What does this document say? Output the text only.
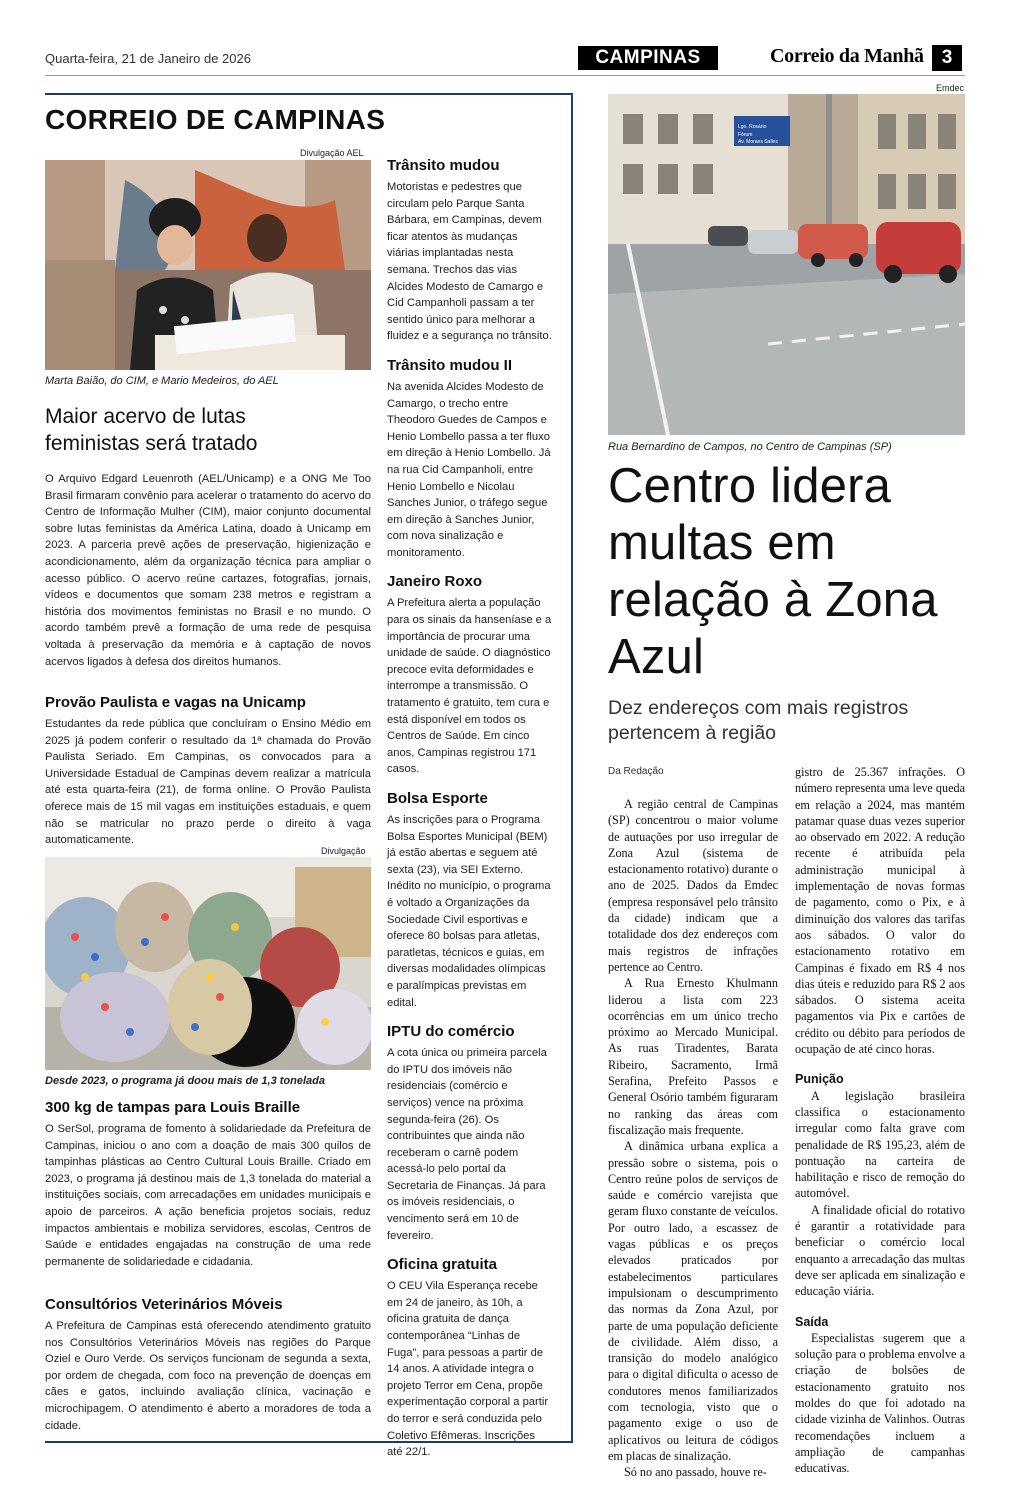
Quarta-feira, 21 de Janeiro de 2026	CAMPINAS	Correio da Manhã 3
CORREIO DE CAMPINAS
Divulgação AEL
Marta Baião, do CIM, e Mario Medeiros, do AEL
Maior acervo de lutas feministas será tratado

O Arquivo Edgard Leuenroth (AEL/Unicamp) e a ONG Me Too Brasil firmaram convênio para acelerar o tratamento do acervo do Centro de Informação Mulher (CIM), maior conjunto documental sobre lutas feministas da América Latina, doado à Unicamp em 2023. A parceria prevê ações de preservação, higienização e acondicionamento, além da organização técnica para ampliar o acesso público. O acervo reúne cartazes, fotografias, jornais, vídeos e documentos que somam 238 metros e registram a história dos movimentos feministas no Brasil e no mundo. O acordo também prevê a formação de uma rede de pesquisa voltada à preservação da memória e à captação de novos acervos ligados à defesa dos direitos humanos.

Provão Paulista e vagas na Unicamp

Estudantes da rede pública que concluíram o Ensino Médio em 2025 já podem conferir o resultado da 1ª chamada do Provão Paulista Seriado. Em Campinas, os convocados para a Universidade Estadual de Campinas devem realizar a matrícula até esta quarta-feira (21), de forma online. O Provão Paulista oferece mais de 15 mil vagas em instituições estaduais, e quem não se matricular no prazo perde o direito à vaga automaticamente.

Divulgação
Desde 2023, o programa já doou mais de 1,3 tonelada
300 kg de tampas para Louis Braille

O SerSol, programa de fomento à solidariedade da Prefeitura de Campinas, iniciou o ano com a doação de mais 300 quilos de tampinhas plásticas ao Centro Cultural Louis Braille. Criado em 2023, o programa já destinou mais de 1,3 tonelada do material a instituições sociais, com arrecadações em unidades municipais e apoio de parceiros. A ação beneficia projetos sociais, reduz impactos ambientais e mobiliza servidores, escolas, Centros de Saúde e entidades engajadas na construção de uma rede permanente de solidariedade e cidadania.

Consultórios Veterinários Móveis

A Prefeitura de Campinas está oferecendo atendimento gratuito nos Consultórios Veterinários Móveis nas regiões do Parque Oziel e Ouro Verde. Os serviços funcionam de segunda a sexta, por ordem de chegada, com foco na prevenção de doenças em cães e gatos, incluindo avaliação clínica, vacinação e microchipagem. O atendimento é aberto a moradores de toda a cidade.

Trânsito mudou

Motoristas e pedestres que circulam pelo Parque Santa Bárbara, em Campinas, devem ficar atentos às mudanças viárias implantadas nesta semana. Trechos das vias Alcides Modesto de Camargo e Cid Campanholi passam a ter sentido único para melhorar a fluidez e a segurança no trânsito.

Trânsito mudou II

Na avenida Alcides Modesto de Camargo, o trecho entre Theodoro Guedes de Campos e Henio Lombello passa a ter fluxo em direção à Henio Lombello. Já na rua Cid Campanholi, entre Henio Lombello e Nicolau Sanches Junior, o tráfego segue em direção à Sanches Junior, com nova sinalização e monitoramento.

Janeiro Roxo

A Prefeitura alerta a população para os sinais da hanseníase e a importância de procurar uma unidade de saúde. O diagnóstico precoce evita deformidades e interrompe a transmissão. O tratamento é gratuito, tem cura e está disponível em todos os Centros de Saúde. Em cinco anos, Campinas registrou 171 casos.

Bolsa Esporte

As inscrições para o Programa Bolsa Esportes Municipal (BEM) já estão abertas e seguem até sexta (23), via SEI Externo. Inédito no município, o programa é voltado a Organizações da Sociedade Civil esportivas e oferece 80 bolsas para atletas, paratletas, técnicos e guias, em diversas modalidades olímpicas e paralímpicas previstas em edital.

IPTU do comércio

A cota única ou primeira parcela do IPTU dos imóveis não residenciais (comércio e serviços) vence na próxima segunda-feira (26). Os contribuintes que ainda não receberam o carnê podem acessá-lo pelo portal da Secretaria de Finanças. Já para os imóveis residenciais, o vencimento será em 10 de fevereiro.

Oficina gratuita

O CEU Vila Esperança recebe em 24 de janeiro, às 10h, a oficina gratuita de dança contemporânea “Linhas de Fuga”, para pessoas a partir de 14 anos. A atividade integra o projeto Terror em Cena, propõe experimentação corporal a partir do terror e será conduzida pelo Coletivo Efêmeras. Inscrições até 22/1.

Emdec
Lgo. Rosário
Fórum
Av. Moraes Salles
Rua Bernardino de Campos, no Centro de Campinas (SP)
Centro lidera multas em relação à Zona Azul
Dez endereços com mais registros pertencem à região
Da Redação

A região central de Campinas (SP) concentrou o maior volume de autuações por uso irregular de Zona Azul (sistema de estacionamento rotativo) durante o ano de 2025. Dados da Emdec (empresa responsável pelo trânsito da cidade) indicam que a totalidade dos dez endereços com mais registros de infrações pertence ao Centro.

A Rua Ernesto Khulmann liderou a lista com 223 ocorrências em um único trecho próximo ao Mercado Municipal. As ruas Tiradentes, Barata Ribeiro, Sacramento, Irmã Serafina, Prefeito Passos e General Osório também figuraram no ranking das áreas com fiscalização mais frequente.

A dinâmica urbana explica a pressão sobre o sistema, pois o Centro reúne polos de serviços de saúde e comércio varejista que geram fluxo constante de veículos. Por outro lado, a escassez de vagas públicas e os preços elevados praticados por estabelecimentos particulares impulsionam o descumprimento das normas da Zona Azul, por parte de uma população deficiente de civilidade. Além disso, a transição do modelo analógico para o digital dificulta o acesso de condutores menos familiarizados com tecnologia, visto que o pagamento exige o uso de aplicativos ou leitura de códigos em placas de sinalização.

Só no ano passado, houve re-

gistro de 25.367 infrações. O número representa uma leve queda em relação a 2024, mas mantém patamar quase duas vezes superior ao observado em 2022. A redução recente é atribuída pela administração municipal à implementação de novas formas de pagamento, como o Pix, e à diminuição dos valores das tarifas aos sábados. O valor do estacionamento rotativo em Campinas é fixado em R$ 4 nos dias úteis e reduzido para R$ 2 aos sábados. O sistema aceita pagamentos via Pix e cartões de crédito ou débito para períodos de ocupação de até cinco horas.

Punição

A legislação brasileira classifica o estacionamento irregular como falta grave com penalidade de R$ 195,23, além de pontuação na carteira de habilitação e risco de remoção do automóvel.

A finalidade oficial do rotativo é garantir a rotatividade para beneficiar o comércio local enquanto a arrecadação das multas deve ser aplicada em sinalização e educação viária.

Saída

Especialistas sugerem que a solução para o problema envolve a criação de bolsões de estacionamento gratuito nos moldes do que foi adotado na cidade vizinha de Valinhos. Outras recomendações incluem a ampliação de campanhas educativas.
